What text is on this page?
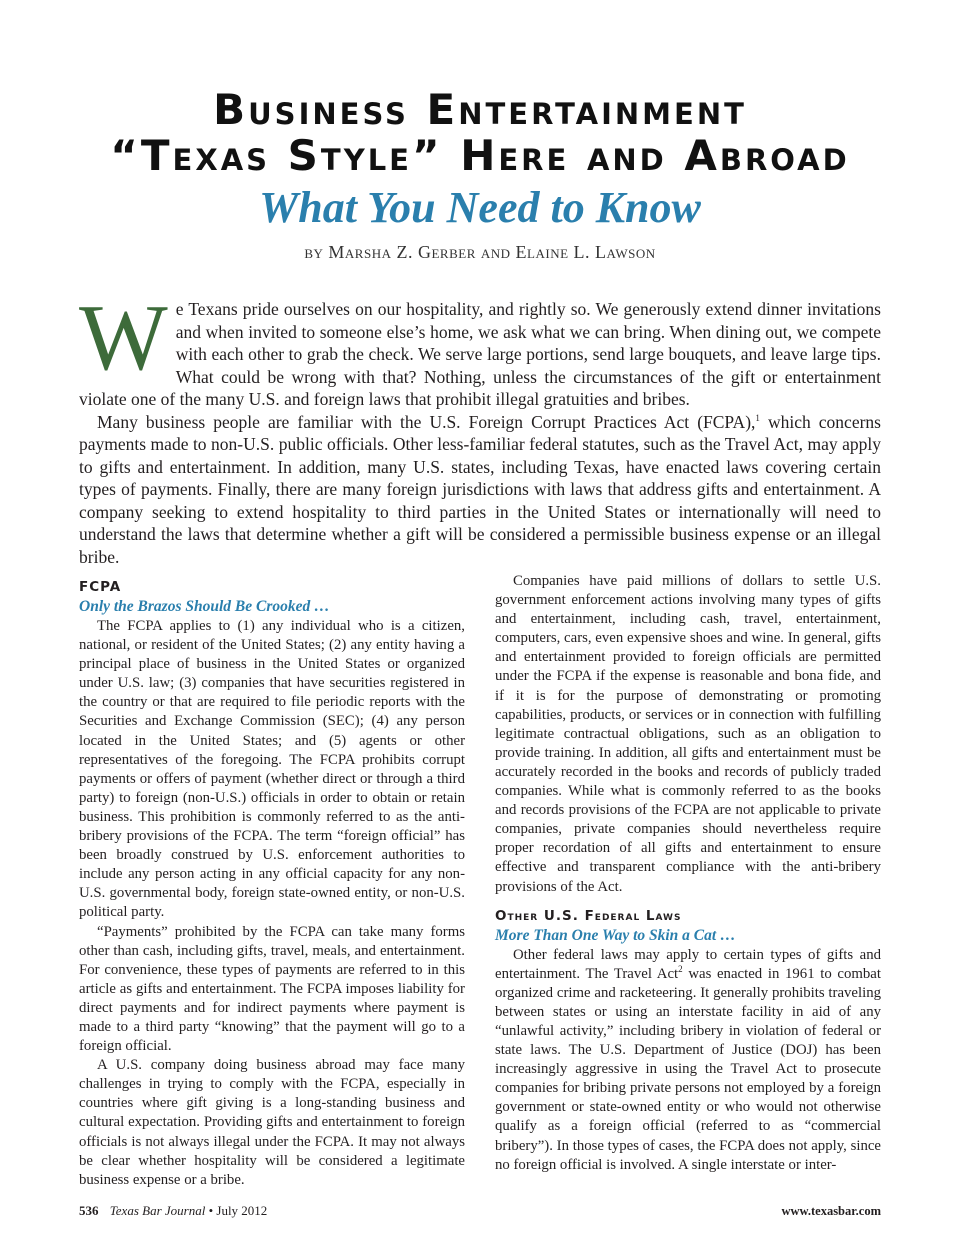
Business Entertainment
“Texas Style” Here and Abroad
What You Need to Know
by Marsha Z. Gerber and Elaine L. Lawson

We Texans pride ourselves on our hospitality, and rightly so. We generously extend dinner invitations and when invited to someone else’s home, we ask what we can bring. When dining out, we compete with each other to grab the check. We serve large portions, send large bouquets, and leave large tips. What could be wrong with that? Nothing, unless the circumstances of the gift or entertainment violate one of the many U.S. and foreign laws that prohibit illegal gratuities and bribes.

Many business people are familiar with the U.S. Foreign Corrupt Practices Act (FCPA),$^1$ which concerns payments made to non-U.S. public officials. Other less-familiar federal statutes, such as the Travel Act, may apply to gifts and entertainment. In addition, many U.S. states, including Texas, have enacted laws covering certain types of payments. Finally, there are many foreign jurisdictions with laws that address gifts and entertainment. A company seeking to extend hospitality to third parties in the United States or internationally will need to understand the laws that determine whether a gift will be considered a permissible business expense or an illegal bribe.

FCPA
Only the Brazos Should Be Crooked …

The FCPA applies to (1) any individual who is a citizen, national, or resident of the United States; (2) any entity having a principal place of business in the United States or organized under U.S. law; (3) companies that have securities registered in the country or that are required to file periodic reports with the Securities and Exchange Commission (SEC); (4) any person located in the United States; and (5) agents or other representatives of the foregoing. The FCPA prohibits corrupt payments or offers of payment (whether direct or through a third party) to foreign (non-U.S.) officials in order to obtain or retain business. This prohibition is commonly referred to as the anti-bribery provisions of the FCPA. The term “foreign official” has been broadly construed by U.S. enforcement authorities to include any person acting in any official capacity for any non-U.S. governmental body, foreign state-owned entity, or non-U.S. political party.

“Payments” prohibited by the FCPA can take many forms other than cash, including gifts, travel, meals, and entertainment. For convenience, these types of payments are referred to in this article as gifts and entertainment. The FCPA imposes liability for direct payments and for indirect payments where payment is made to a third party “knowing” that the payment will go to a foreign official.

A U.S. company doing business abroad may face many challenges in trying to comply with the FCPA, especially in countries where gift giving is a long-standing business and cultural expectation. Providing gifts and entertainment to foreign officials is not always illegal under the FCPA. It may not always be clear whether hospitality will be considered a legitimate business expense or a bribe.

Companies have paid millions of dollars to settle U.S. government enforcement actions involving many types of gifts and entertainment, including cash, travel, entertainment, computers, cars, even expensive shoes and wine. In general, gifts and entertainment provided to foreign officials are permitted under the FCPA if the expense is reasonable and bona fide, and if it is for the purpose of demonstrating or promoting capabilities, products, or services or in connection with fulfilling legitimate contractual obligations, such as an obligation to provide training. In addition, all gifts and entertainment must be accurately recorded in the books and records of publicly traded companies. While what is commonly referred to as the books and records provisions of the FCPA are not applicable to private companies, private companies should nevertheless require proper recordation of all gifts and entertainment to ensure effective and transparent compliance with the anti-bribery provisions of the Act.

Other U.S. Federal Laws
More Than One Way to Skin a Cat …

Other federal laws may apply to certain types of gifts and entertainment. The Travel Act$^2$ was enacted in 1961 to combat organized crime and racketeering. It generally prohibits traveling between states or using an interstate facility in aid of any “unlawful activity,” including bribery in violation of federal or state laws. The U.S. Department of Justice (DOJ) has been increasingly aggressive in using the Travel Act to prosecute companies for bribing private persons not employed by a foreign government or state-owned entity or who would not otherwise qualify as a foreign official (referred to as “commercial bribery”). In those types of cases, the FCPA does not apply, since no foreign official is involved. A single interstate or inter-

536 Texas Bar Journal • July 2012	www.texasbar.com
